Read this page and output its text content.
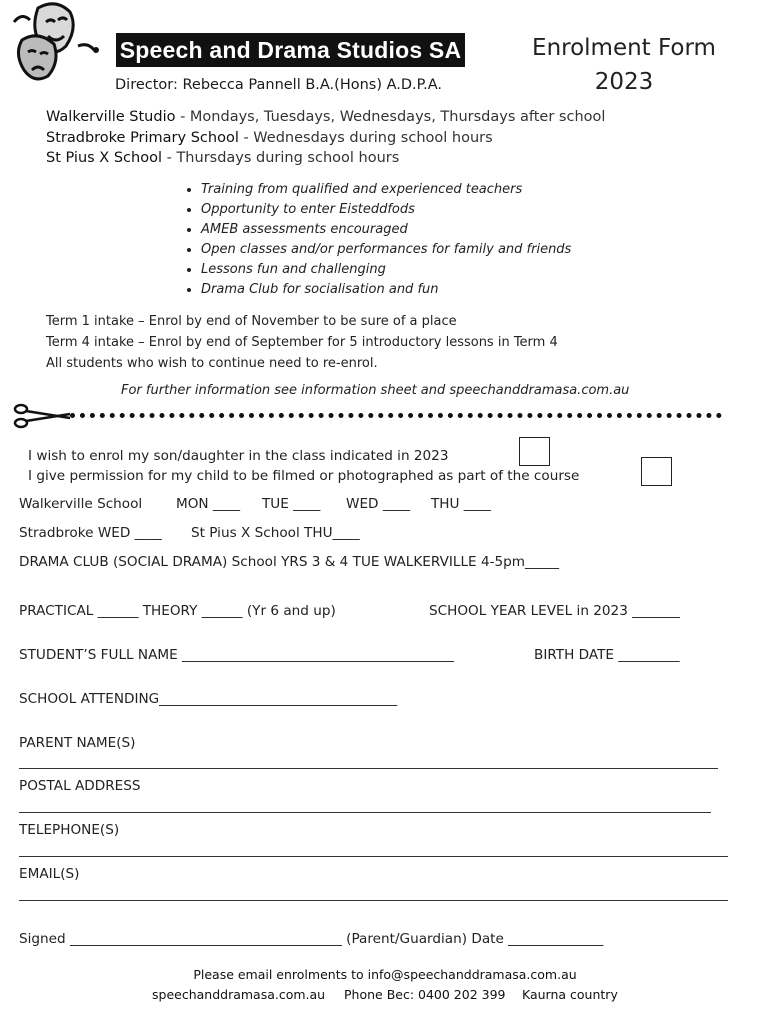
Speech and Drama Studios SA
Director: Rebecca Pannell B.A.(Hons) A.D.P.A.
Enrolment Form
2023
Walkerville Studio - Mondays, Tuesdays, Wednesdays, Thursdays after school
Stradbroke Primary School - Wednesdays during school hours
St Pius X School - Thursdays during school hours
• Training from qualified and experienced teachers
• Opportunity to enter Eisteddfods
• AMEB assessments encouraged
• Open classes and/or performances for family and friends
• Lessons fun and challenging
• Drama Club for socialisation and fun
Term 1 intake – Enrol by end of November to be sure of a place
Term 4 intake – Enrol by end of September for 5 introductory lessons in Term 4
All students who wish to continue need to re-enrol.
For further information see information sheet and speechanddramasa.com.au
I wish to enrol my son/daughter in the class indicated in 2023
I give permission for my child to be filmed or photographed as part of the course
Walkerville School MON ____ TUE ____ WED ____ THU ____
Stradbroke WED ____ St Pius X School THU____
DRAMA CLUB (SOCIAL DRAMA) School YRS 3 & 4 TUE WALKERVILLE 4-5pm_____
PRACTICAL ______ THEORY ______ (Yr 6 and up)	SCHOOL YEAR LEVEL in 2023 _______
STUDENT’S FULL NAME ________________________________________	BIRTH DATE _________
SCHOOL ATTENDING___________________________________
PARENT NAME(S)
POSTAL ADDRESS
TELEPHONE(S)
EMAIL(S)
Signed ________________________________________ (Parent/Guardian) Date ______________
Please email enrolments to info@speechanddramasa.com.au
speechanddramasa.com.au Phone Bec: 0400 202 399 Kaurna country
